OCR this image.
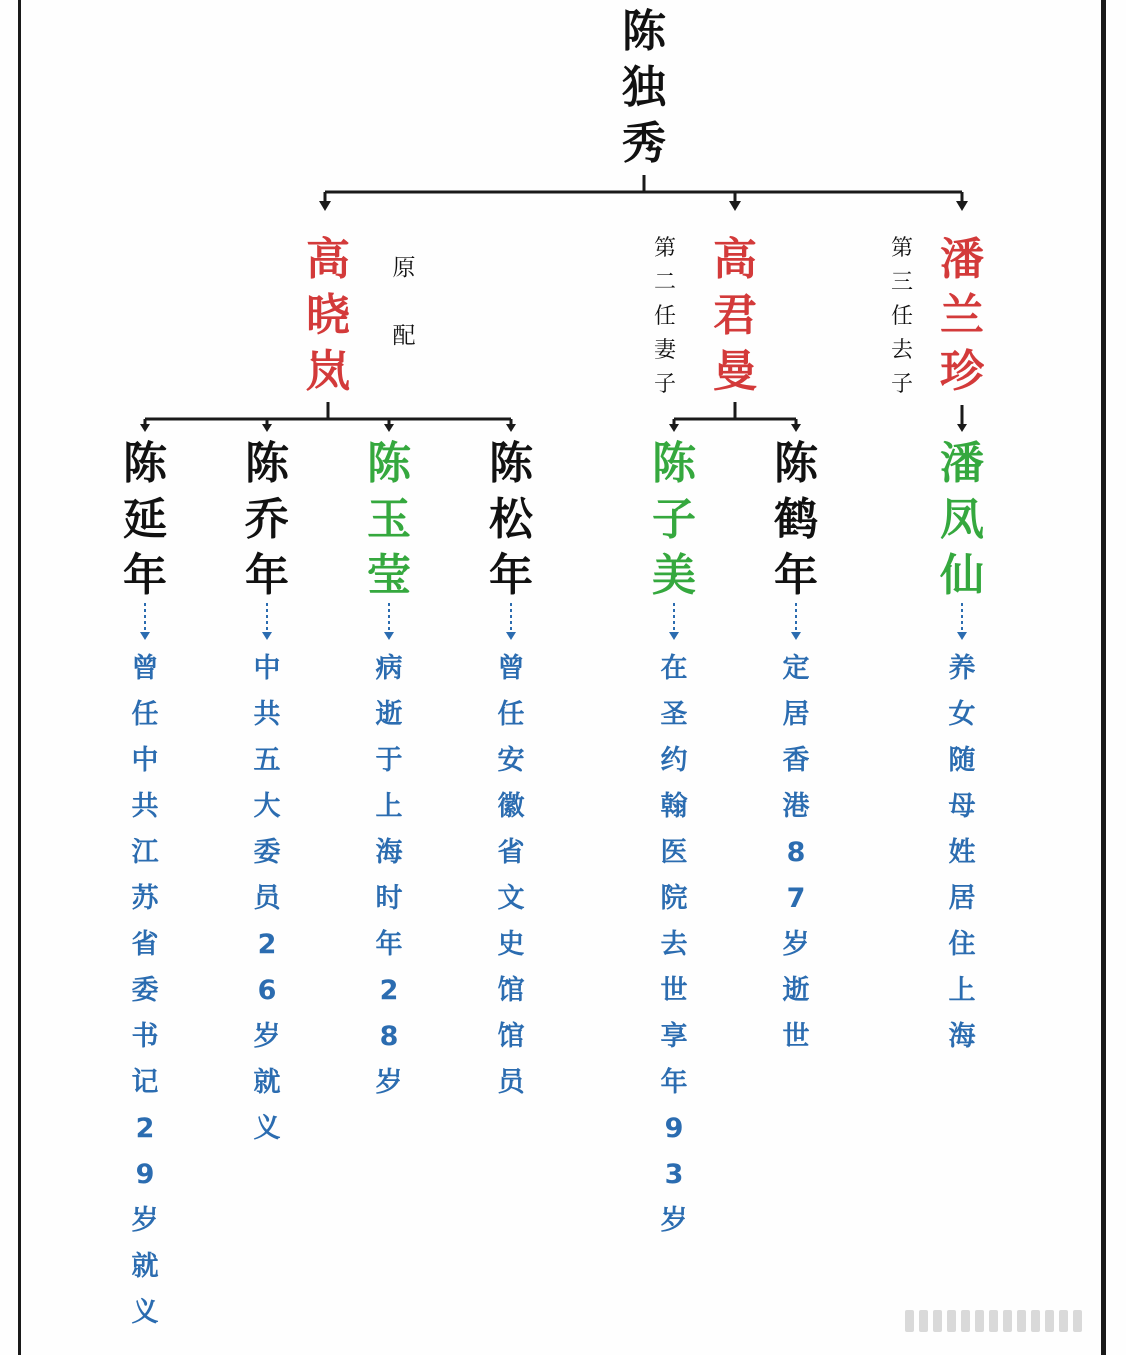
陈
独
秀
高
晓
岚
原
配
高
君
曼
第
二
任
妻
子
潘
兰
珍
第
三
任
去
子
陈
延
年
陈
乔
年
陈
玉
莹
陈
松
年
陈
子
美
陈
鹤
年
潘
凤
仙
曾
任
中
共
江
苏
省
委
书
记
2
9
岁
就
义
中
共
五
大
委
员
2
6
岁
就
义
病
逝
于
上
海
时
年
2
8
岁
曾
任
安
徽
省
文
史
馆
馆
员
在
圣
约
翰
医
院
去
世
享
年
9
3
岁
定
居
香
港
8
7
岁
逝
世
养
女
随
母
姓
居
住
上
海
